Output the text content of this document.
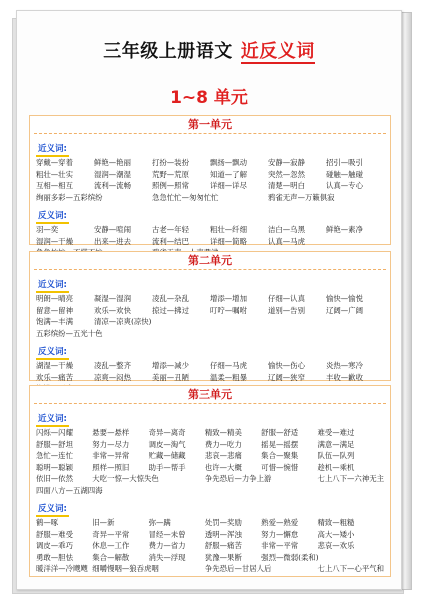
三年级上册语文 近反义词
1~8 单元
第一单元
近义词:
穿戴—穿着	鲜艳—艳丽	打扮—装扮	飘扬—飘动	安静—寂静	招引—吸引
粗壮—壮实	湿润—潮湿	荒野—荒原	知道—了解	突然—忽然	碰触—触碰
互相—相互	流利—流畅	照例—照常	详细—详尽	清楚—明白	认真—专心
绚丽多彩—五彩缤纷	急急忙忙—匆匆忙忙	鸦雀无声—万籁俱寂
反义词:
羽—奕	安静—喧闹	古老—年轻	粗壮—纤细	洁白—乌黑	鲜艳—素净
湿润—干燥	出来—进去	流利—结巴	详细—简略	认真—马虎
第二单元
近义词:
明朗—晴亮	凝湿—湿润	凌乱—杂乱	增添—增加	仔细—认真	愉快—愉悦
留意—留神	欢乐—欢快	掠过—拂过	叮咛—嘱咐	道别—告别	辽阔—广阔
饱满—丰满	清凉—凉爽(凉快)
五彩缤纷—五光十色
反义词:
湖湿—干燥	凌乱—整齐	增添—减少	仔细—马虎	愉快—伤心	炎热—寒冷
欢乐—痛苦	凉爽—闷热	美丽—丑陋	温柔—粗暴	辽阔—狭窄	丰收—歉收
第三单元
近义词:
闪烁—闪耀	悬要—悬样	奇异—离奇	精致—精美	舒服—舒适	难受—难过
舒服—舒坦	努力—尽力	调皮—淘气	费力—吃力	摇晃—摇摆	满意—满足
急忙—连忙	非常—异常	贮藏—储藏	悲哀—悲痛	集合—聚集	队伍—队列
聪明—聪颖	照样—照旧	助手—帮手	也许—大概	可惜—惋惜	趁机—乘机
依旧—依然	大吃一惊—大惊失色	争先恐后—力争上游	七上八下—六神无主
四面八方—五湖四海
反义词:
鹤—啄	旧—新	弥—蹒	处罚—奖励	熟爱—熟爱	精致—粗糙
舒服—难受	奇异—平常	冒经—未曾	透明—浑浊	努力—懈怠	高大—矮小
调皮—乖巧	休息—工作	费力—省力	舒服—痛苦	非常—平常	悲哀—欢乐
勇敢—胆怯	集合—解散	消失—浮现	犹豫—果断	强烈—微弱(柔和)
暖洋洋—冷飕飕 细嚼慢咽—狼吞虎咽	争先恐后—甘居人后	七上八下—心平气和
